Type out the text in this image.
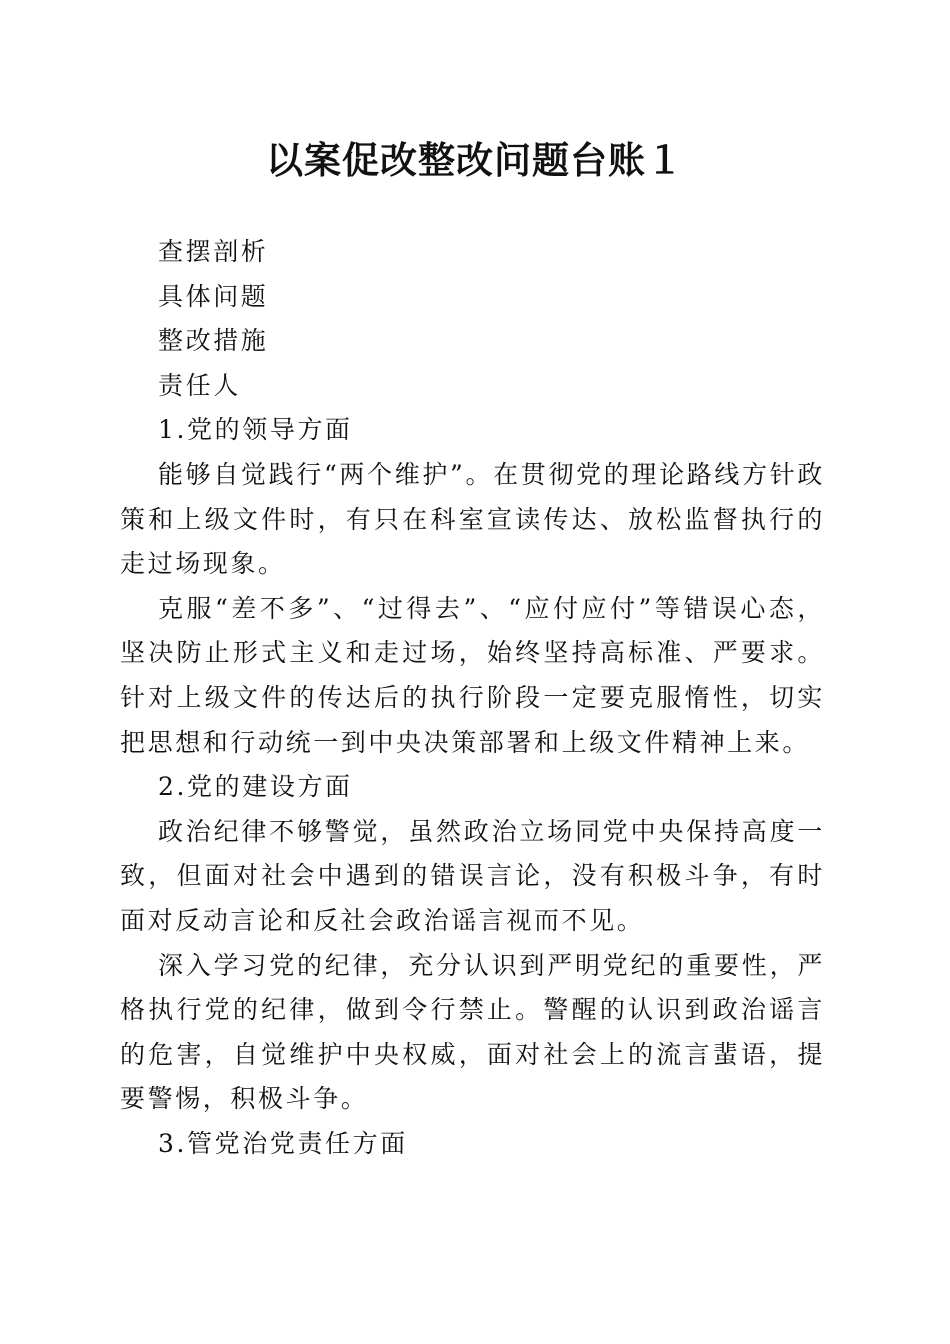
以案促改整改问题台账１

查摆剖析

具体问题

整改措施

责任人

1.党的领导方面

能够自觉践行“两个维护”。在贯彻党的理论路线方针政策和上级文件时，有只在科室宣读传达、放松监督执行的走过场现象。

克服“差不多”、“过得去”、“应付应付”等错误心态，坚决防止形式主义和走过场，始终坚持高标准、严要求。针对上级文件的传达后的执行阶段一定要克服惰性，切实把思想和行动统一到中央决策部署和上级文件精神上来。

2.党的建设方面

政治纪律不够警觉，虽然政治立场同党中央保持高度一致，但面对社会中遇到的错误言论，没有积极斗争，有时面对反动言论和反社会政治谣言视而不见。

深入学习党的纪律，充分认识到严明党纪的重要性，严格执行党的纪律，做到令行禁止。警醒的认识到政治谣言的危害，自觉维护中央权威，面对社会上的流言蜚语，提要警惕，积极斗争。

3.管党治党责任方面
